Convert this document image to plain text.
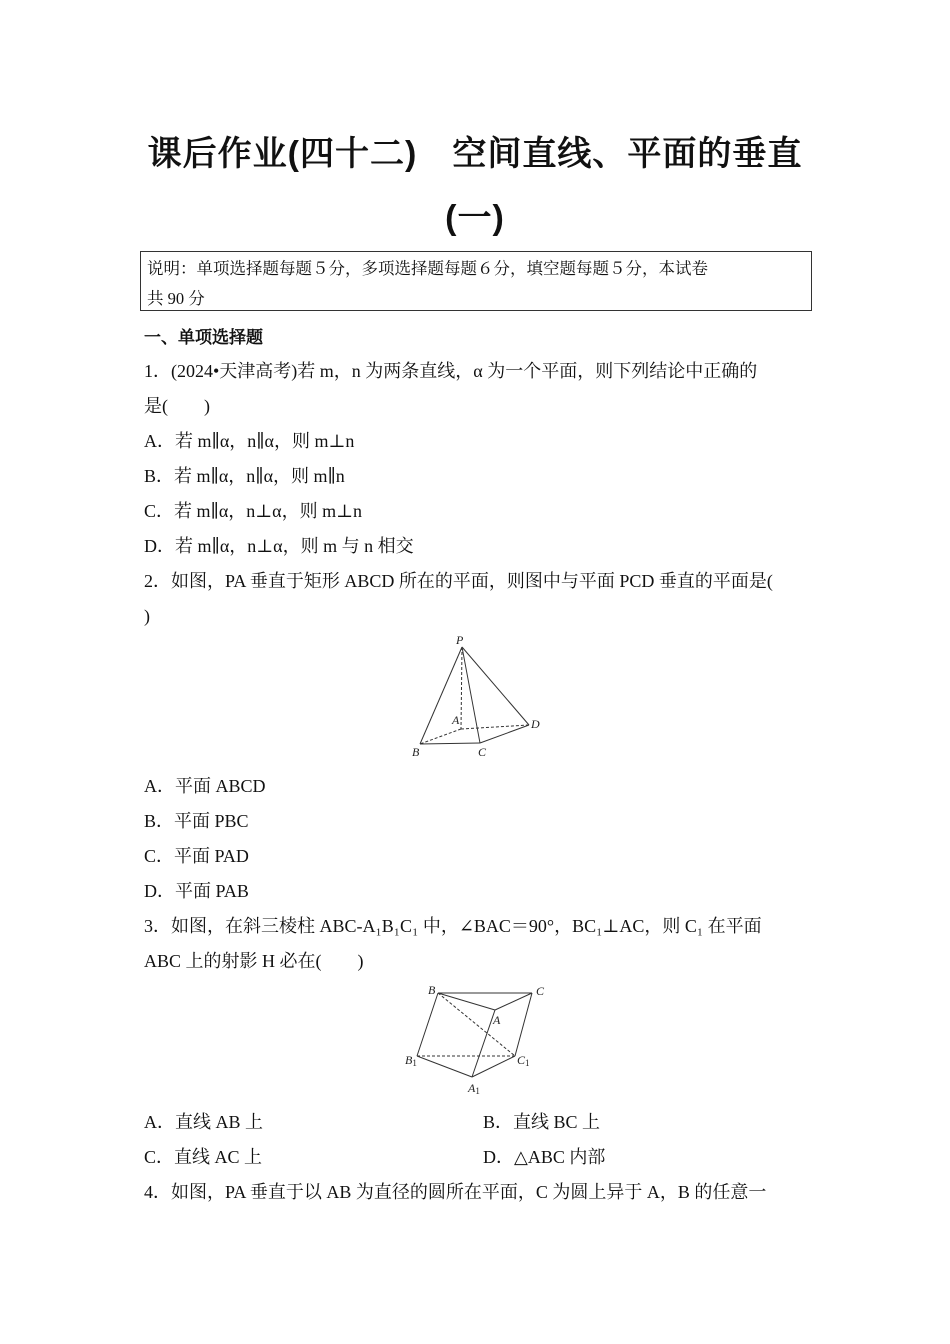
课后作业(四十二)　空间直线、平面的垂直
(一)
说明：单项选择题每题５分，多项选择题每题６分，填空题每题５分，本试卷
共 90 分
一、单项选择题
1．(2024•天津高考)若 m，n 为两条直线，α 为一个平面，则下列结论中正确的
是(　　)
A．若 m∥α，n∥α，则 m⊥n
B．若 m∥α，n∥α，则 m∥n
C．若 m∥α，n⊥α，则 m⊥n
D．若 m∥α，n⊥α，则 m 与 n 相交
2．如图，PA 垂直于矩形 ABCD 所在的平面，则图中与平面 PCD 垂直的平面是(
)
P
A
B	C
D
A．平面 ABCD
B．平面 PBC
C．平面 PAD
D．平面 PAB
3．如图，在斜三棱柱 ABC-A₁B₁C₁ 中，∠BAC＝90°，BC₁⊥AC，则 C₁ 在平面
ABC 上的射影 H 必在(　　)
B	C
A
B1	C1
A1
A．直线 AB 上	B．直线 BC 上
C．直线 AC 上	D．△ABC 内部
4．如图，PA 垂直于以 AB 为直径的圆所在平面，C 为圆上异于 A，B 的任意一
